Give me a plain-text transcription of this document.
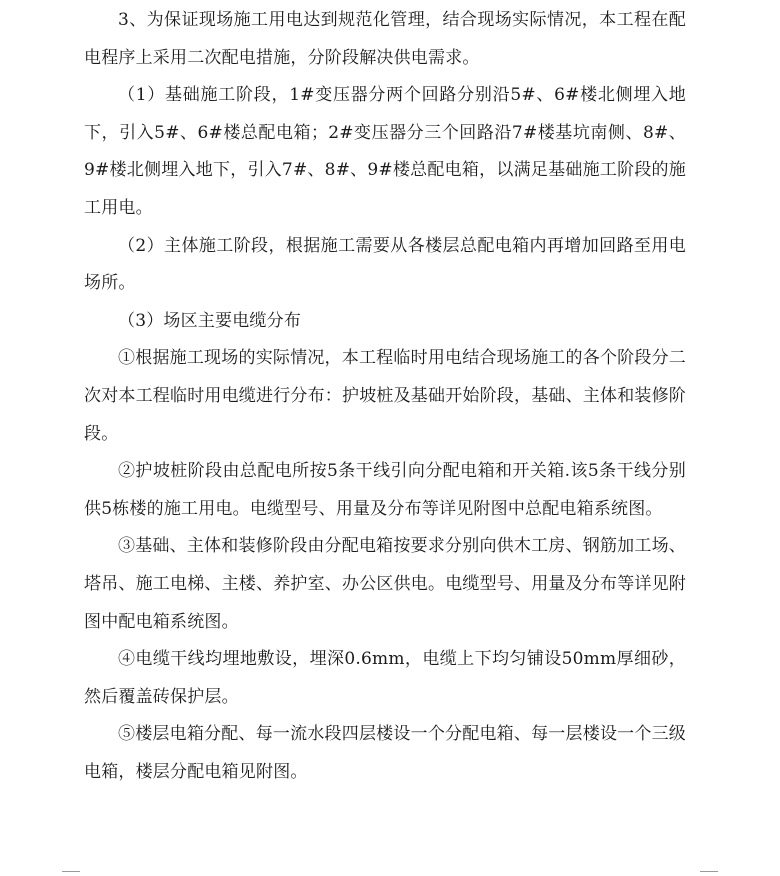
3、为保证现场施工用电达到规范化管理，结合现场实际情况，本工程在配电程序上采用二次配电措施，分阶段解决供电需求。

（1）基础施工阶段，1#变压器分两个回路分别沿5#、6#楼北侧埋入地下，引入5#、6#楼总配电箱；2#变压器分三个回路沿7#楼基坑南侧、8#、9#楼北侧埋入地下，引入7#、8#、9#楼总配电箱，以满足基础施工阶段的施工用电。

（2）主体施工阶段，根据施工需要从各楼层总配电箱内再增加回路至用电场所。

（3）场区主要电缆分布

①根据施工现场的实际情况，本工程临时用电结合现场施工的各个阶段分二次对本工程临时用电缆进行分布：护坡桩及基础开始阶段，基础、主体和装修阶段。

②护坡桩阶段由总配电所按5条干线引向分配电箱和开关箱.该5条干线分别供5栋楼的施工用电。电缆型号、用量及分布等详见附图中总配电箱系统图。

③基础、主体和装修阶段由分配电箱按要求分别向供木工房、钢筋加工场、塔吊、施工电梯、主楼、养护室、办公区供电。电缆型号、用量及分布等详见附图中配电箱系统图。

④电缆干线均埋地敷设，埋深0.6mm，电缆上下均匀铺设50mm厚细砂，然后覆盖砖保护层。

⑤楼层电箱分配、每一流水段四层楼设一个分配电箱、每一层楼设一个三级电箱，楼层分配电箱见附图。
